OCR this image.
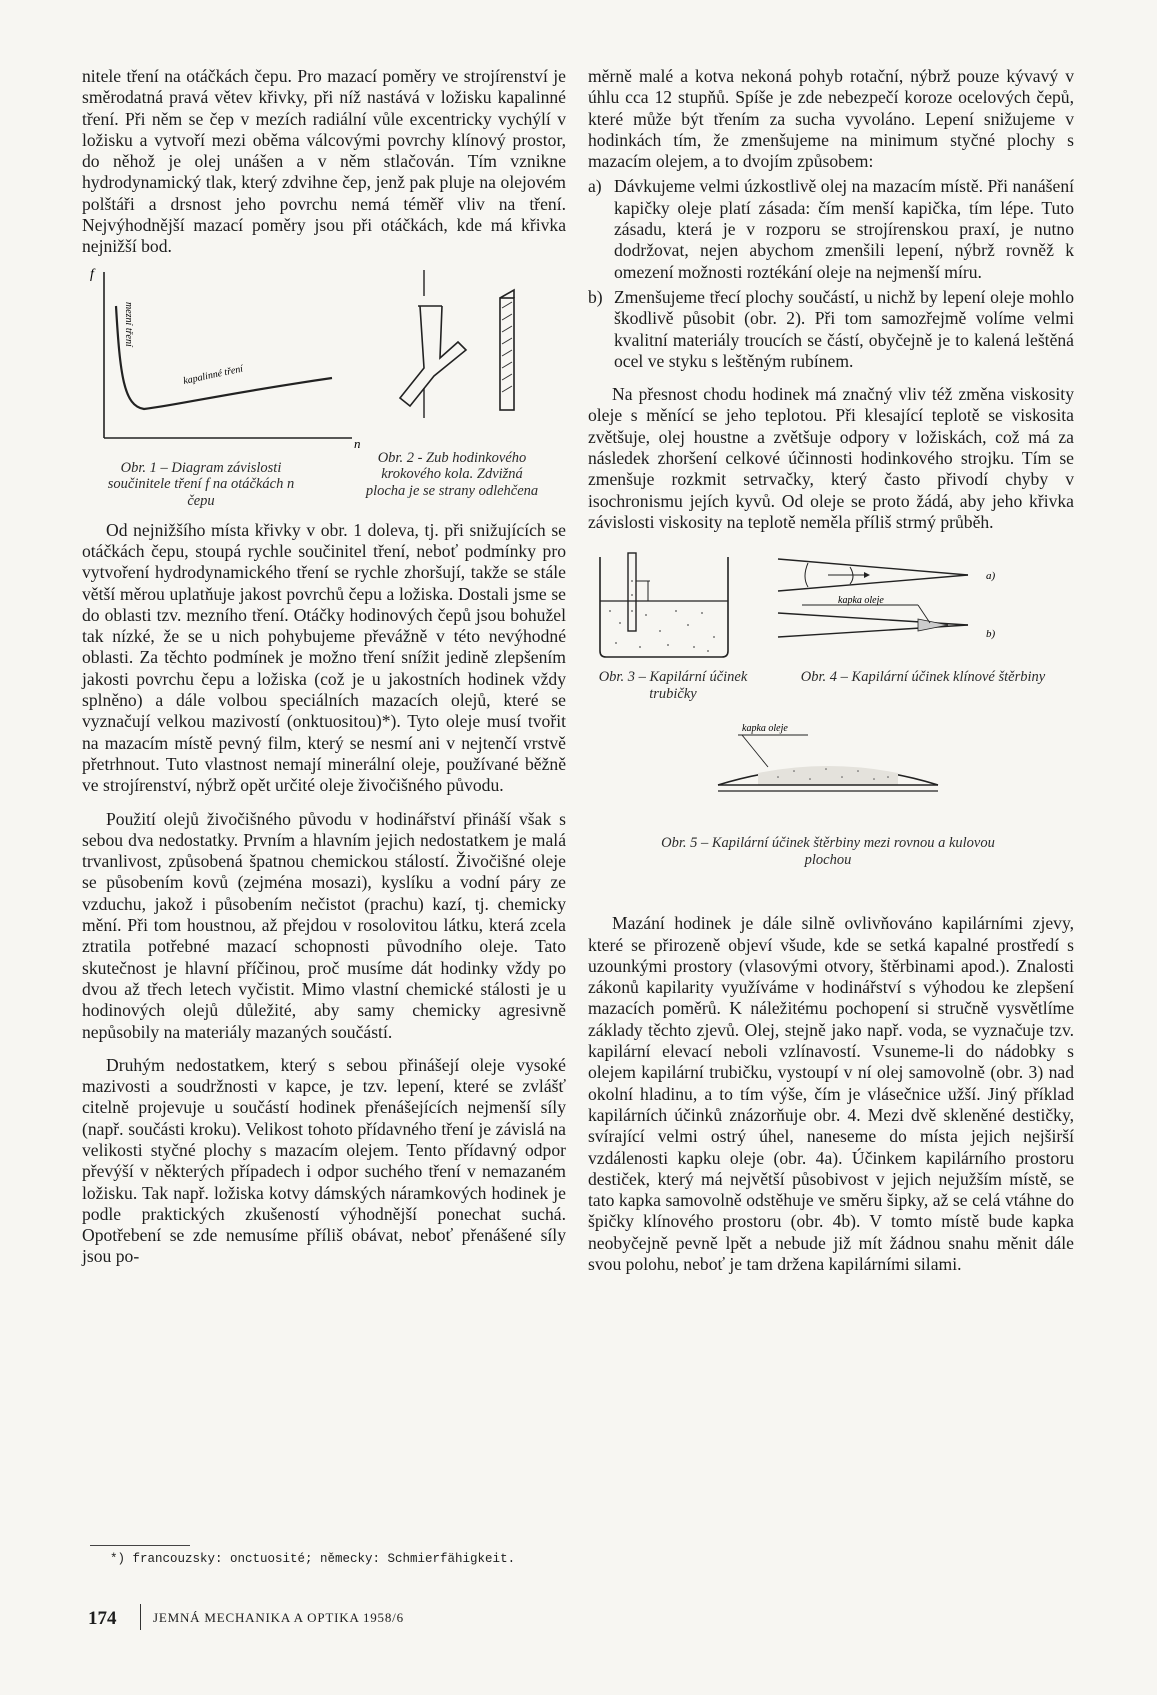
nitele tření na otáčkách čepu. Pro mazací poměry ve strojírenství je směrodatná pravá větev křivky, při níž nastává v ložisku kapalinné tření. Při něm se čep v mezích radiální vůle excentricky vychýlí v ložisku a vytvoří mezi oběma válcovými povrchy klínový prostor, do něhož je olej unášen a v něm stlačován. Tím vznikne hydrodynamický tlak, který zdvihne čep, jenž pak pluje na olejovém polštáři a drsnost jeho povrchu nemá téměř vliv na tření. Nejvýhodnější mazací poměry jsou při otáčkách, kde má křivka nejnižší bod.

f
n
mezní tření
kapalinné tření
Obr. 1 – Diagram závislosti součinitele tření f na otáčkách n čepu
Obr. 2 - Zub hodinkového krokového kola. Zdvižná plocha je se strany odlehčena

Od nejnižšího místa křivky v obr. 1 doleva, tj. při snižujících se otáčkách čepu, stoupá rychle součinitel tření, neboť podmínky pro vytvoření hydrodynamického tření se rychle zhoršují, takže se stále větší měrou uplatňuje jakost povrchů čepu a ložiska. Dostali jsme se do oblasti tzv. mezního tření. Otáčky hodinových čepů jsou bohužel tak nízké, že se u nich pohybujeme převážně v této nevýhodné oblasti. Za těchto podmínek je možno tření snížit jedině zlepšením jakosti povrchu čepu a ložiska (což je u jakostních hodinek vždy splněno) a dále volbou speciálních mazacích olejů, které se vyznačují velkou mazivostí (onktuositou)*). Tyto oleje musí tvořit na mazacím místě pevný film, který se nesmí ani v nejtenčí vrstvě přetrhnout. Tuto vlastnost nemají minerální oleje, používané běžně ve strojírenství, nýbrž opět určité oleje živočišného původu.

Použití olejů živočišného původu v hodinářství přináší však s sebou dva nedostatky. Prvním a hlavním jejich nedostatkem je malá trvanlivost, způsobená špatnou chemickou stálostí. Živočišné oleje se působením kovů (zejména mosazi), kyslíku a vodní páry ze vzduchu, jakož i působením nečistot (prachu) kazí, tj. chemicky mění. Při tom houstnou, až přejdou v rosolovitou látku, která zcela ztratila potřebné mazací schopnosti původního oleje. Tato skutečnost je hlavní příčinou, proč musíme dát hodinky vždy po dvou až třech letech vyčistit. Mimo vlastní chemické stálosti je u hodinových olejů důležité, aby samy chemicky agresivně nepůsobily na materiály mazaných součástí.

Druhým nedostatkem, který s sebou přinášejí oleje vysoké mazivosti a soudržnosti v kapce, je tzv. lepení, které se zvlášť citelně projevuje u součástí hodinek přenášejících nejmenší síly (např. součásti kroku). Velikost tohoto přídavného tření je závislá na velikosti styčné plochy s mazacím olejem. Tento přídavný odpor převýší v některých případech i odpor suchého tření v nemazaném ložisku. Tak např. ložiska kotvy dámských náramkových hodinek je podle praktických zkušeností výhodnější ponechat suchá. Opotřebení se zde nemusíme příliš obávat, neboť přenášené síly jsou po-

měrně malé a kotva nekoná pohyb rotační, nýbrž pouze kývavý v úhlu cca 12 stupňů. Spíše je zde nebezpečí koroze ocelových čepů, které může být třením za sucha vyvoláno. Lepení snižujeme v hodinkách tím, že zmenšujeme na minimum styčné plochy s mazacím olejem, a to dvojím způsobem:

a) Dávkujeme velmi úzkostlivě olej na mazacím místě. Při nanášení kapičky oleje platí zásada: čím menší kapička, tím lépe. Tuto zásadu, která je v rozporu se strojírenskou praxí, je nutno dodržovat, nejen abychom zmenšili lepení, nýbrž rovněž k omezení možnosti roztékání oleje na nejmenší míru.
b) Zmenšujeme třecí plochy součástí, u nichž by lepení oleje mohlo škodlivě působit (obr. 2). Při tom samozřejmě volíme velmi kvalitní materiály troucích se částí, obyčejně je to kalená leštěná ocel ve styku s leštěným rubínem.

Na přesnost chodu hodinek má značný vliv též změna viskosity oleje s měnící se jeho teplotou. Při klesající teplotě se viskosita zvětšuje, olej houstne a zvětšuje odpory v ložiskách, což má za následek zhoršení celkové účinnosti hodinkového strojku. Tím se zmenšuje rozkmit setrvačky, který často přivodí chyby v isochronismu jejích kyvů. Od oleje se proto žádá, aby jeho křivka závislosti viskosity na teplotě neměla příliš strmý průběh.

a)
kapka oleje
b)
Obr. 3 – Kapilární účinek trubičky
Obr. 4 – Kapilární účinek klínové štěrbiny
kapka oleje
Obr. 5 – Kapilární účinek štěrbiny mezi rovnou a kulovou plochou

Mazání hodinek je dále silně ovlivňováno kapilárními zjevy, které se přirozeně objeví všude, kde se setká kapalné prostředí s uzounkými prostory (vlasovými otvory, štěrbinami apod.). Znalosti zákonů kapilarity využíváme v hodinářství s výhodou ke zlepšení mazacích poměrů. K náležitému pochopení si stručně vysvětlíme základy těchto zjevů. Olej, stejně jako např. voda, se vyznačuje tzv. kapilární elevací neboli vzlínavostí. Vsuneme-li do nádobky s olejem kapilární trubičku, vystoupí v ní olej samovolně (obr. 3) nad okolní hladinu, a to tím výše, čím je vlásečnice užší. Jiný příklad kapilárních účinků znázorňuje obr. 4. Mezi dvě skleněné destičky, svírající velmi ostrý úhel, naneseme do místa jejich nejširší vzdálenosti kapku oleje (obr. 4a). Účinkem kapilárního prostoru destiček, který má největší působivost v jejich nejužším místě, se tato kapka samovolně odstěhuje ve směru šipky, až se celá vtáhne do špičky klínového prostoru (obr. 4b). V tomto místě bude kapka neobyčejně pevně lpět a nebude již mít žádnou snahu měnit dále svou polohu, neboť je tam držena kapilárními silami.

*) francouzsky: onctuosité; německy: Schmierfähigkeit.
174	JEMNÁ MECHANIKA A OPTIKA 1958/6
